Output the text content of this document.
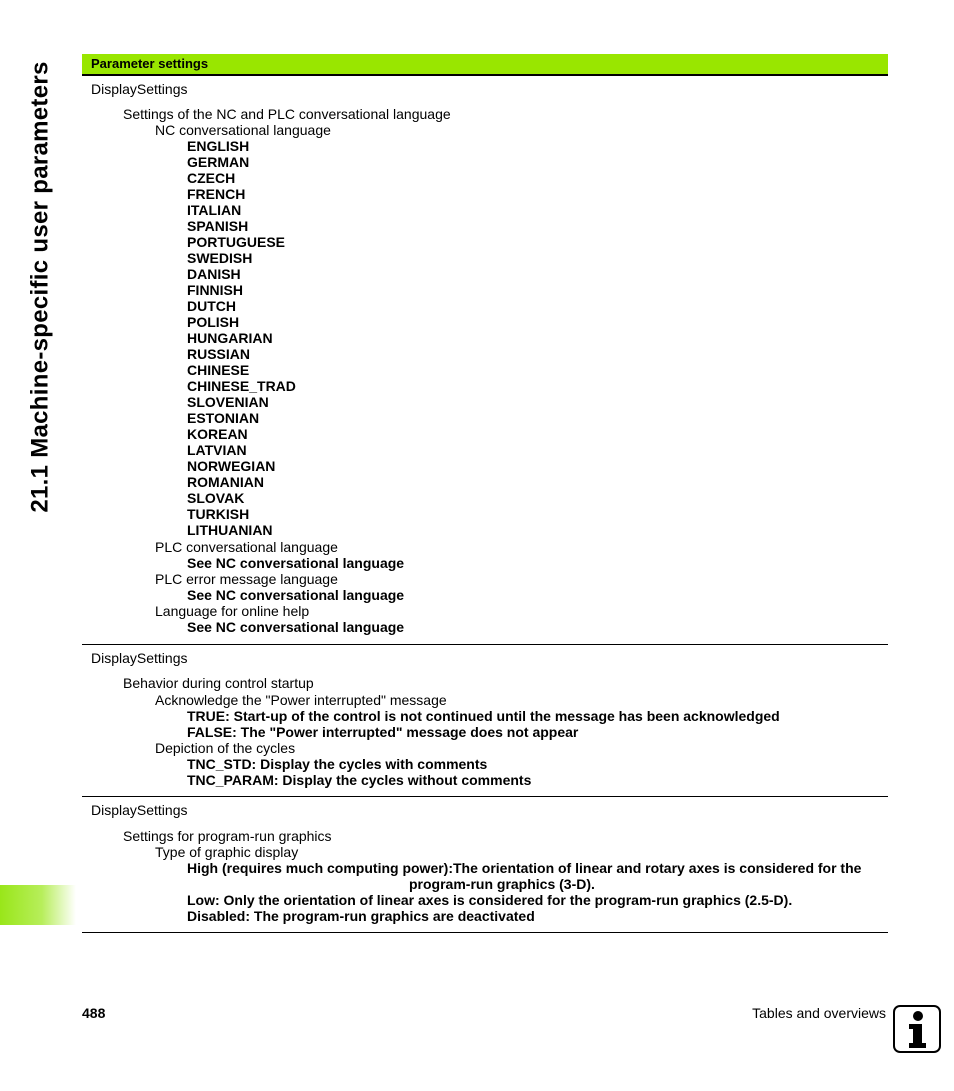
21.1 Machine-specific user parameters	Parameter settings
DisplaySettings
Settings of the NC and PLC conversational language
NC conversational language
ENGLISH
GERMAN
CZECH
FRENCH
ITALIAN
SPANISH
PORTUGUESE
SWEDISH
DANISH
FINNISH
DUTCH
POLISH
HUNGARIAN
RUSSIAN
CHINESE
CHINESE_TRAD
SLOVENIAN
ESTONIAN
KOREAN
LATVIAN
NORWEGIAN
ROMANIAN
SLOVAK
TURKISH
LITHUANIAN
PLC conversational language
See NC conversational language
PLC error message language
See NC conversational language
Language for online help
See NC conversational language
DisplaySettings
Behavior during control startup
Acknowledge the "Power interrupted" message
TRUE: Start-up of the control is not continued until the message has been acknowledged
FALSE: The "Power interrupted" message does not appear
Depiction of the cycles
TNC_STD: Display the cycles with comments
TNC_PARAM: Display the cycles without comments
DisplaySettings
Settings for program-run graphics
Type of graphic display
High (requires much computing power):The orientation of linear and rotary axes is considered for the
program-run graphics (3-D).
Low: Only the orientation of linear axes is considered for the program-run graphics (2.5-D).
Disabled: The program-run graphics are deactivated
488	Tables and overviews
